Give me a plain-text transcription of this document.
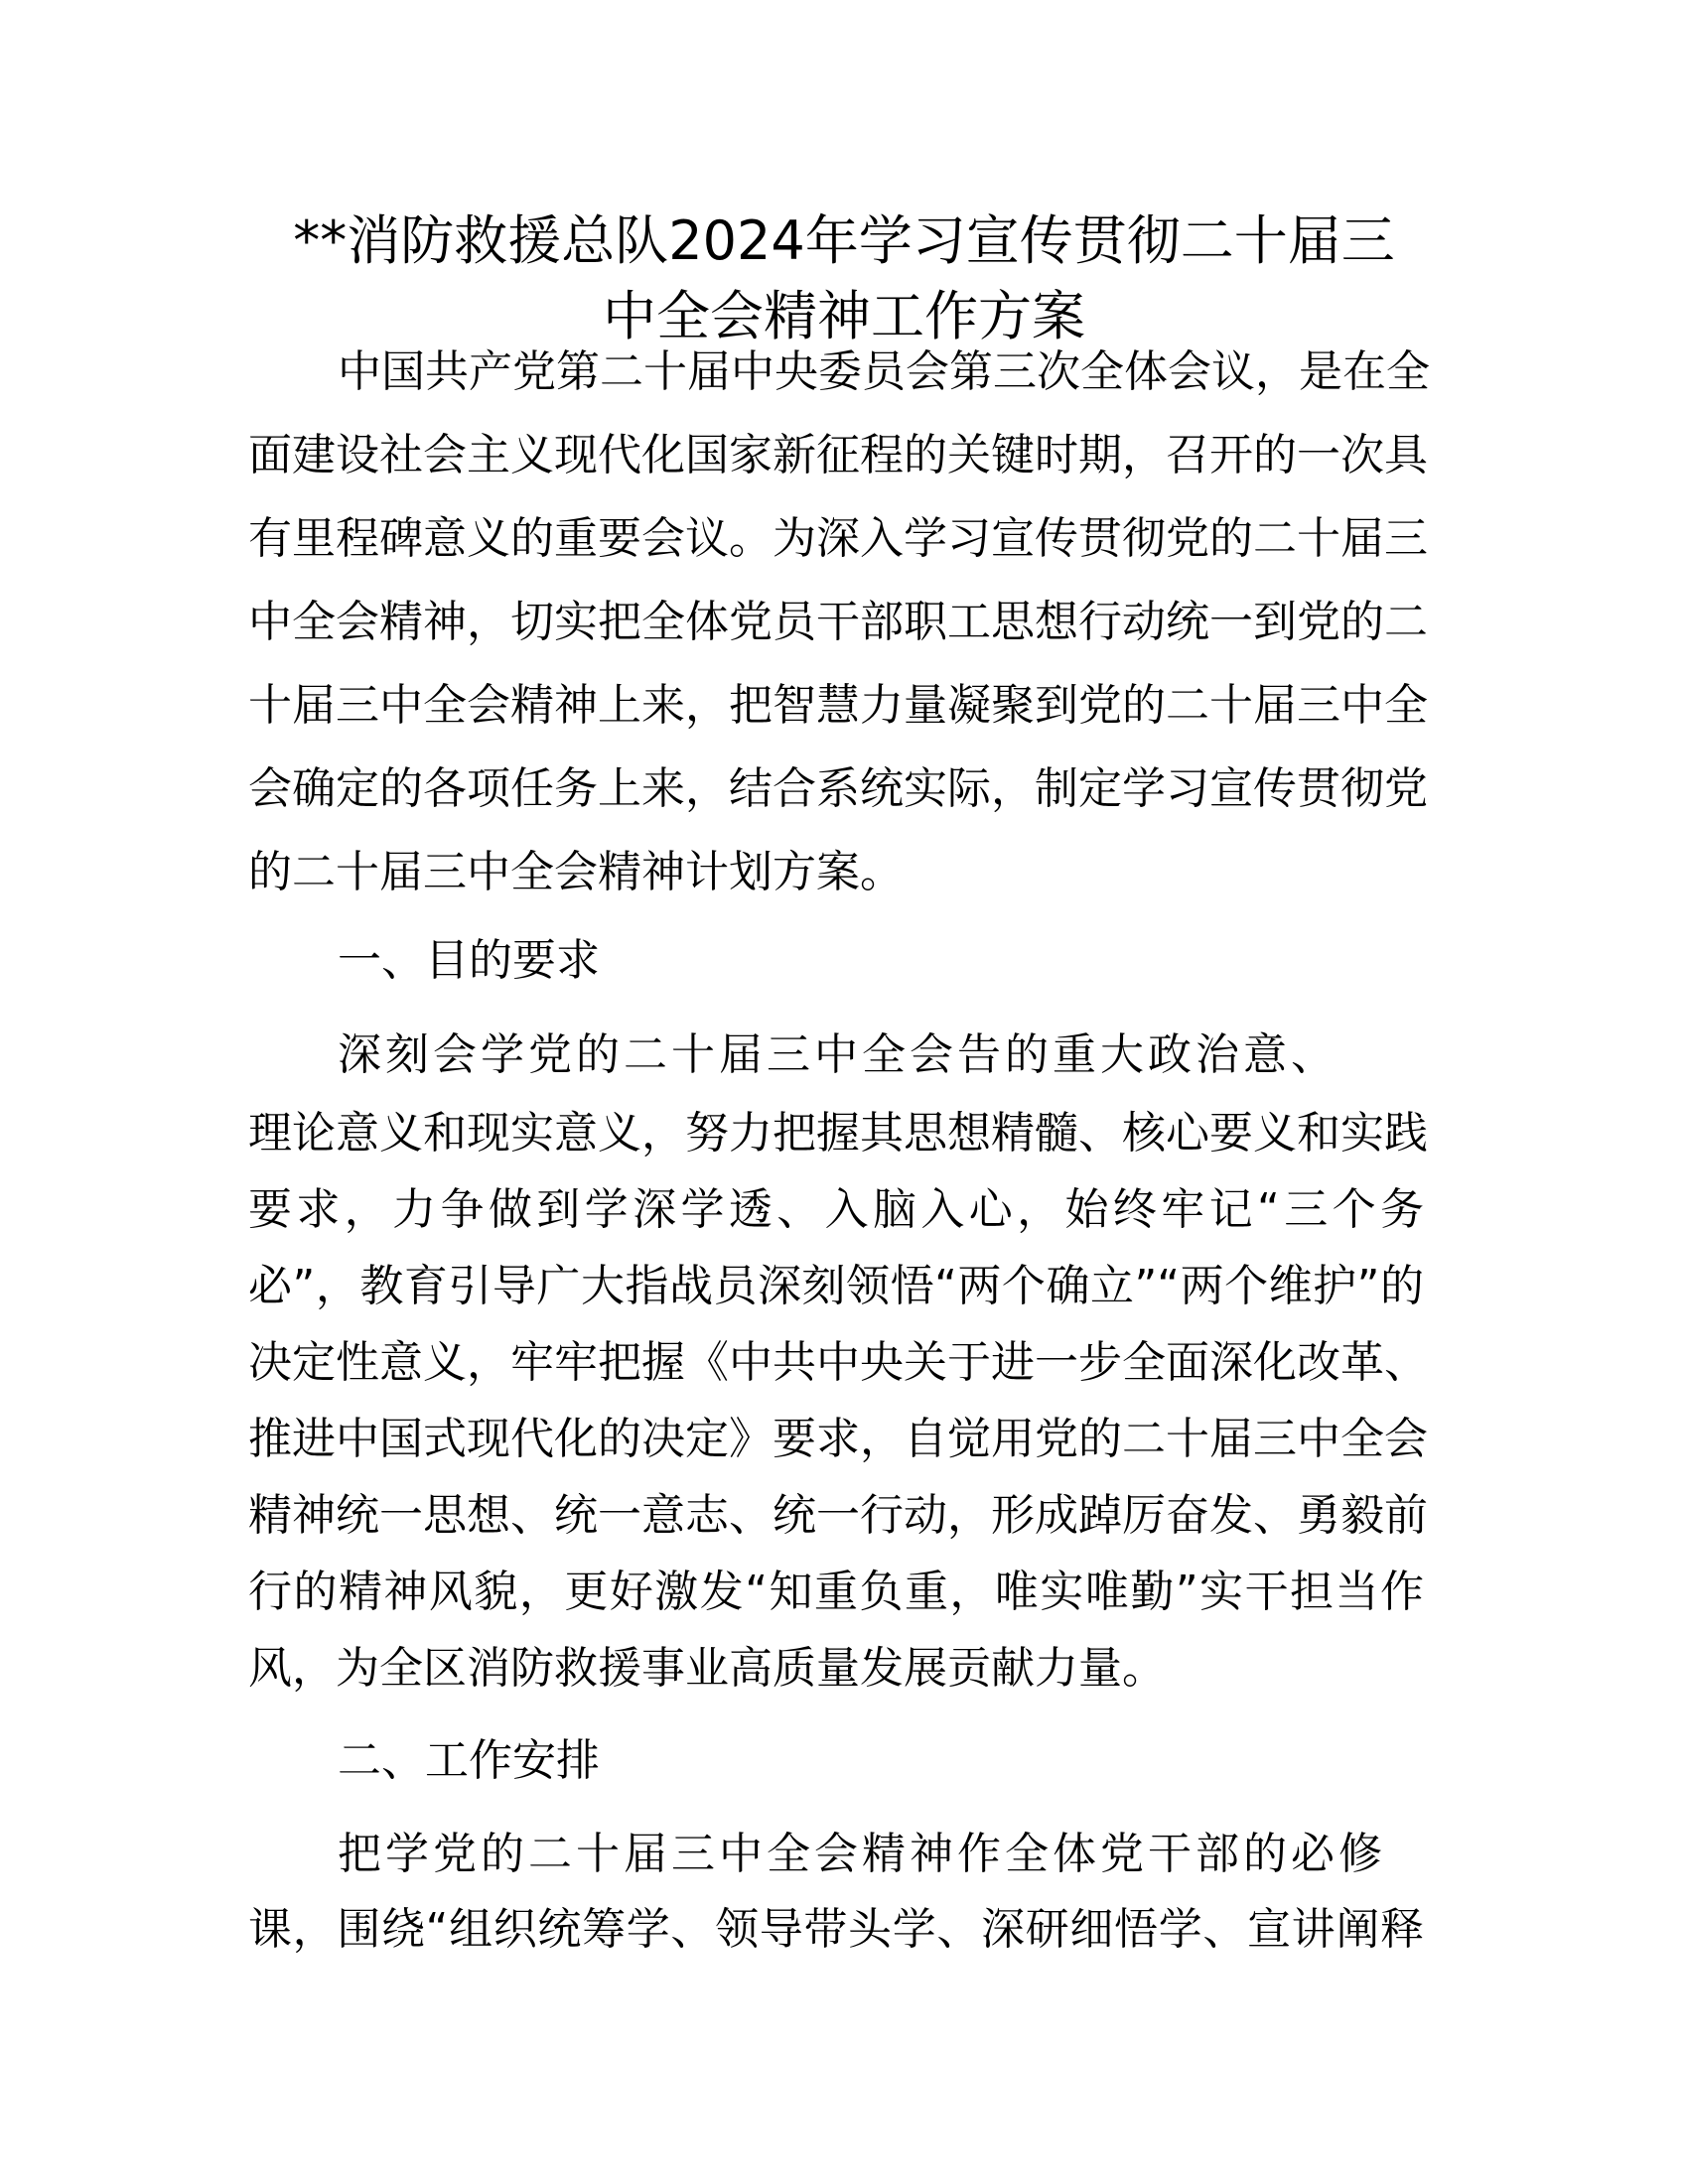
**消防救援总队2024年学习宣传贯彻二十届三
中全会精神工作方案
中国共产党第二十届中央委员会第三次全体会议，是在全
面建设社会主义现代化国家新征程的关键时期，召开的一次具
有里程碑意义的重要会议。为深入学习宣传贯彻党的二十届三
中全会精神，切实把全体党员干部职工思想行动统一到党的二
十届三中全会精神上来，把智慧力量凝聚到党的二十届三中全
会确定的各项任务上来，结合系统实际，制定学习宣传贯彻党
的二十届三中全会精神计划方案。
一、目的要求
深刻会学党的二十届三中全会告的重大政治意、
理论意义和现实意义，努力把握其思想精髓、核心要义和实践
要求，力争做到学深学透、入脑入心，始终牢记“三个务
必”，教育引导广大指战员深刻领悟“两个确立”“两个维护”的
决定性意义，牢牢把握《中共中央关于进一步全面深化改革、
推进中国式现代化的决定》要求，自觉用党的二十届三中全会
精神统一思想、统一意志、统一行动，形成踔厉奋发、勇毅前
行的精神风貌，更好激发“知重负重，唯实唯勤”实干担当作
风，为全区消防救援事业高质量发展贡献力量。
二、工作安排
把学党的二十届三中全会精神作全体党干部的必修
课，围绕“组织统筹学、领导带头学、深研细悟学、宣讲阐释
